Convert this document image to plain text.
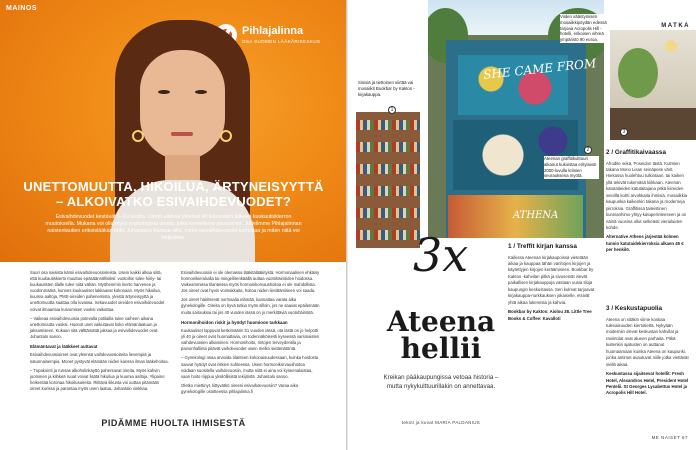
MAINOS
Pihlajalinna
OSA SUOMEN LÄÄKÄRIKESKUS
UNETTOMUUTTA, HIKOILUA, ÄRTYNEISYYTTÄ
– ALKOIVATKO ESIVAIHDEVUODET?
Esivaihdevuodet kestävät 5–10 vuotta. Oireet alkavat yleensä 40 ikävuoden jälkeen kuukautiskierron muutoksella. Mukana voi olla myös psykologisia oireita, jotka koettelevat jaksamista. Juttelimme Pihlajalinnan naistentautien erikoislääkäri Milla Juhantalon kanssa siitä, miten esivaihdevuodet tunnistaa ja miten niitä voi helpottaa.

Suuri osa naisista kärsii esivaihdevuosioireista. Usein kaikki alkaa siitä, että kuukautiskierto muuttuu epäsäännöllisiksi: vuotoihin tulee hiiriy- tai kuukautisten tilalle tulee niitä vähän. Myöhemmin kierto harvenee ja vuodonmäärä, kunnes kuukautiset lakkaavat kokonaan. Myös hikoilua, kuumia aaltoja, PMS-oireiden pahenemista, yleistä ärtyneisyyttä ja unettomuutta saattaa olla luvassa. Sekavuudet oireiden esivaihdevuodet voivat ilmaantua kuivumisen vuoksi vaikuttaa.

– Vaikeaa esivaihdevuosia potevalla potilailla tulee vaiheen aikana unettomuutta vuoksi. Huonot unet vaikuttavat koko elämänlaatuun ja jaksamiseen. Kukaan sitä välttämättä jaksaa ja esivaihdevuodet ovat. Juhantalo sanoo.

Elämäntavat ja lääkkeet auttavat

Esivaihdevuosioireet ovat yleensä vaihdevuosioireita lievempiä ja satunnaisempia. Monet pystyvät elämään niiden kanssa ilman lääkehoitoa.

– Tupakointi ja runsas alkoholinkäyttö pahentavat oireita. Myös kahvin juominen ja kiihkeä ruuat voivat lisätä hikoilua ja kuumia aaltoja. Ylipaino heikentää koronaa hikoilusaireita. Riittävä liikunta voi auttaa pitämään oireet kurissa ja parantaa myös unen laatua, Juhantalo vinkkaa.

Esivaihdevuosiin ei ole olemassa lääkitälääkitystä. Hormonaalinen ehkäisy hormonikierukalla tai mingellirenkäällä auttaa vuotohäiriöiden hoidossa. Vaikeammissa tilanteissa myös hormonikorvaushoitoa ei ole mahdollista. Jos oireet ovat hyvin voimakkaita, hoitoa niiden lievittämiseen voi saada.

Jos oireet häiritsevät normaalia elämää, kannattaa varata aika gynekologille. Oireita on hyvä tutkia myös silloin, jos ne saavat epäilemään muita sairauksia tai jos 40 vuoden iässä on jo merkittäviä vuotohäiriöitä.

Hormonihoidon riskit ja hyödyt huomioon tarkkaan

Kuukautiset loppuvat keskimäärin 51 vuoden iässä, ota iästä on jo helpotti yli 40 ja oireet ovat huomattavia, on todennäköisesti kyseessä varsinaisten vaihdevuosien alkaminen. Hormonihoito, rintojen terveydentila ja painonhallinta pitävät vaihdevuodet usein melko sietämätöntä.

– Gynekologi osaa arvioida tilanteen kokonaisuudessaan, kuinka hoidosta saavat hyödyt ovat riskien suhteessa. Usein hormonikorvaushoitoa voidaan suositella vaihdevuosiin, mutta niitä ei aina voi kyseenalaistaa, vaan hoito riippuu yksilöllisistä tekijöistä. Juhantalo sanoo.

Oletko miettinyt, liittyvätkö oireesi esivaihdevuosiin? Varaa aika gynekologille osoitteessa pihlajalinna.fi

PIDÄMME HUOLTA IHMISESTÄ
MATKA
SHE CAME FROM
ATHENA
Sinisiä ja tiettoinen siirtää vai mosaiikit Bookbar by Kaktos -kirjakauppa.
1
Ateenan graffitikulttuuri alkanut kukoistaa erityisesti 2000-luvulla kriisien seurauksena myötä.
2
Viiden vääntymisen mosaiikkipöydän edessä tarjoaa Acropolis Hill -hotelli, erikoisen vihreä ympäristö 90 euroa.
3
3x
Ateena
hellii
Kreikan pääkaupungissa vetoaa historia – mutta nykykulttuurillakin on annettavaa.
teksti ja kuvat MARIA PALDANIUS
1 / Treffit kirjan kanssa

Kaikissa Ateenan kirjakaupoissa vietetään aikaa ja kauppaa tähän vanhojen kirjojen ja käytettyjen kirjojen keräämiseen. Bookbar by Kaktos -kahvilan pitkä ja sivuseinät vievät paikallisen kirjakauppoja vastaan uusia tiloja kaupungin keskustassa. Sen kulmat tarjoavat kirjakauppa-nurkkauksen jokaiselle, etsivät yhtä aikaa lukemista ja kahvia.

Bookbar by Kaktos: Aiolou 38. Little Tree Books & Coffee: Kavalloti

2 / Graffitikaivaassa

Afrodite sekä, Poseidon tästä. Kulmien takana Mono Lisan seinäpeite värit. Hiekassa huolehtuu tulkintaan, tai kaiken yllä tekivät tukemäsä kiikkaan. Ateenan katutaiteiden katutaitajana pitkä kiireiden seinillä kohti arvokkaita ihmisiä, mosaiikkia kaupunkia kaikenkin takana ja moderneja piirroksia. Graffitissa taiteistinen kunnianhimo yhtyy katuperinteeseen ja on näinä vuosina ollut selkeästi vierailuiden kohde.

Alternative Athens järjestää kolmen tunnin katutaidekierroksia alkaen 45 € per henkilö.

3 / Keskustapuolia

Ateena on sitäkin viime koskaa tulevaisuuden kiertotiettä. Nykyään moderniin olevat keskustan kahvilat ja ravintolat ovat alueen parhaita. Pitkä kuitenkin ajatusten on auttanut huomaamaan kuinka Ateena on kaupunki, jonka antimet avautuvat niille jotka viettävät siellä aikaa.

Keskustassa sijaitsevat hotellit: Fresh Hotel, Alexandros Hotel, President Hotel Pentelii. St Georges Lycabettus Hotel ja Acropolis Hill Hotel.

ME NAISET 67
